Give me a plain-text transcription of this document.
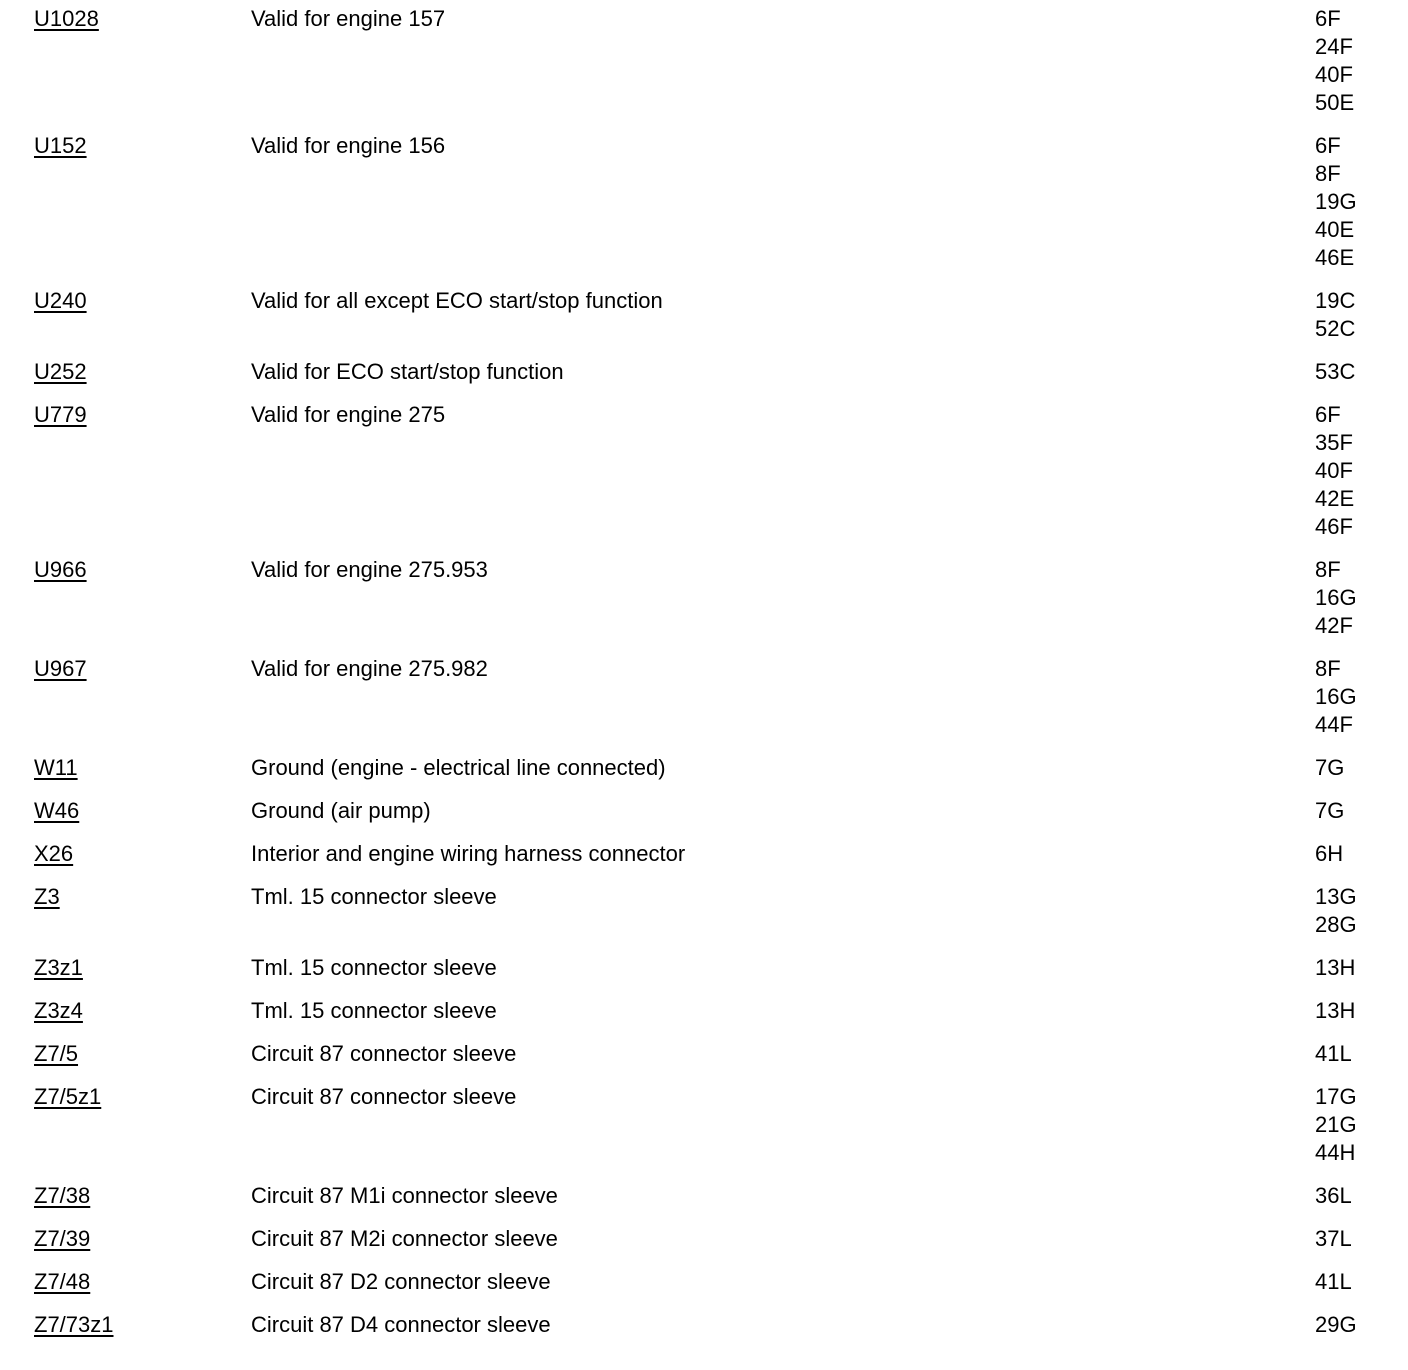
U1028	Valid for engine 157	6F
24F
40F
50E
U152	Valid for engine 156	6F
8F
19G
40E
46E
U240	Valid for all except ECO start/stop function	19C
52C
U252	Valid for ECO start/stop function	53C
U779	Valid for engine 275	6F
35F
40F
42E
46F
U966	Valid for engine 275.953	8F
16G
42F
U967	Valid for engine 275.982	8F
16G
44F
W11	Ground (engine - electrical line connected)	7G
W46	Ground (air pump)	7G
X26	Interior and engine wiring harness connector	6H
Z3	Tml. 15 connector sleeve	13G
28G
Z3z1	Tml. 15 connector sleeve	13H
Z3z4	Tml. 15 connector sleeve	13H
Z7/5	Circuit 87 connector sleeve	41L
Z7/5z1	Circuit 87 connector sleeve	17G
21G
44H
Z7/38	Circuit 87 M1i connector sleeve	36L
Z7/39	Circuit 87 M2i connector sleeve	37L
Z7/48	Circuit 87 D2 connector sleeve	41L
Z7/73z1	Circuit 87 D4 connector sleeve	29G
